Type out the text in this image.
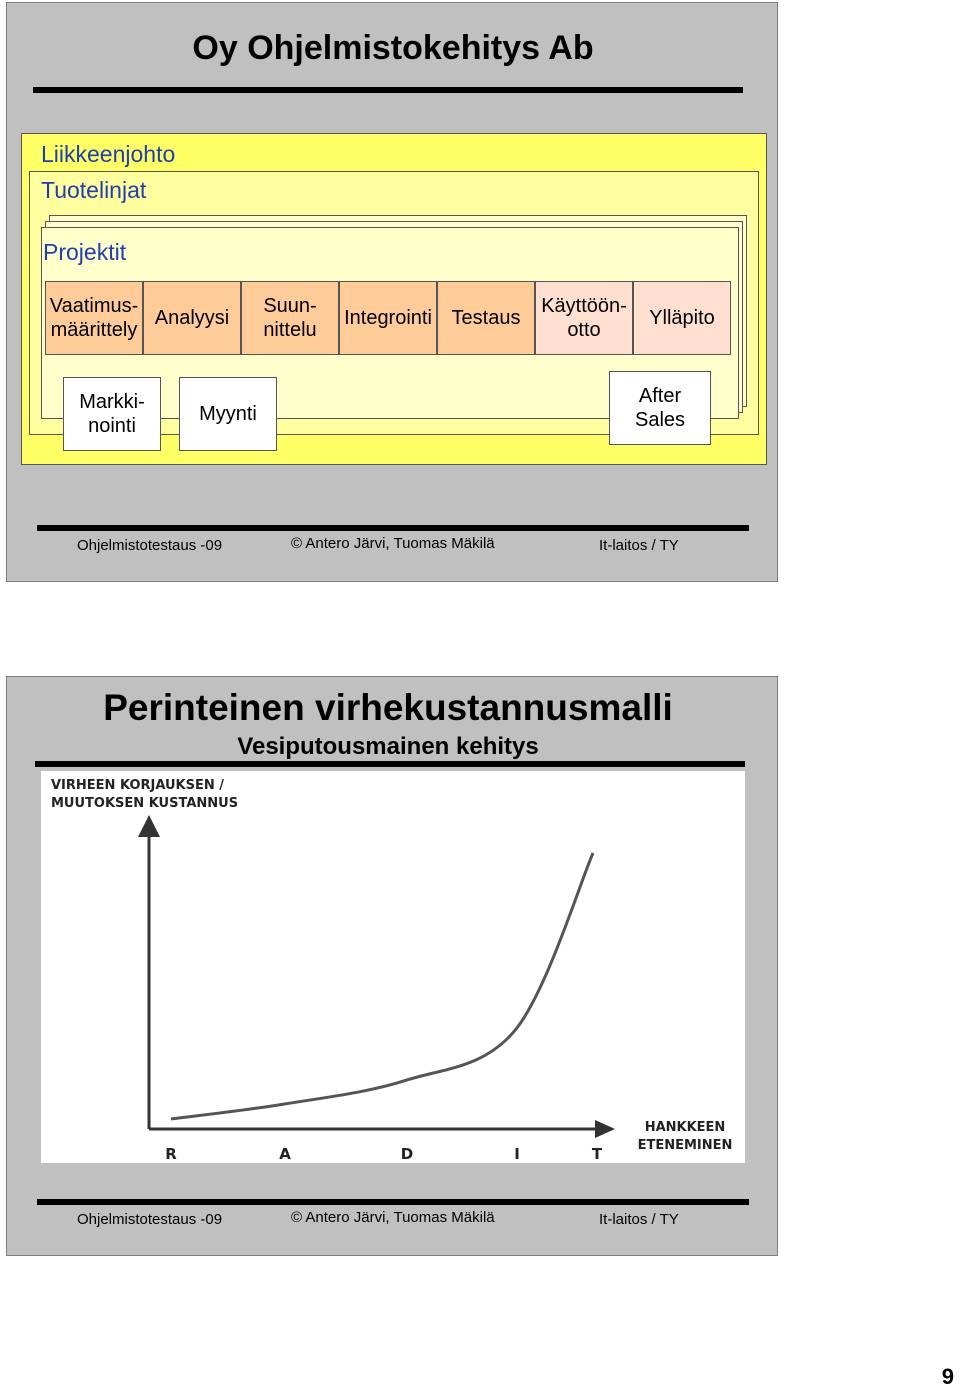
Oy Ohjelmistokehitys Ab
Liikkeenjohto
Tuotelinjat
Projektit
Vaatimus-
määrittely
Analyysi
Suun-
nittelu
Integrointi Testaus
Käyttöön-
otto
Ylläpito
Markki-
nointi
Myynti
After
Sales
Ohjelmistotestaus -09	© Antero Järvi, Tuomas Mäkilä	It-laitos / TY
Perinteinen virhekustannusmalli
Vesiputousmainen kehitys
VIRHEEN KORJAUKSEN /
MUUTOKSEN KUSTANNUS
R	A	D	I	T
HANKKEEN
ETENEMINEN
Ohjelmistotestaus -09	© Antero Järvi, Tuomas Mäkilä	It-laitos / TY
9
